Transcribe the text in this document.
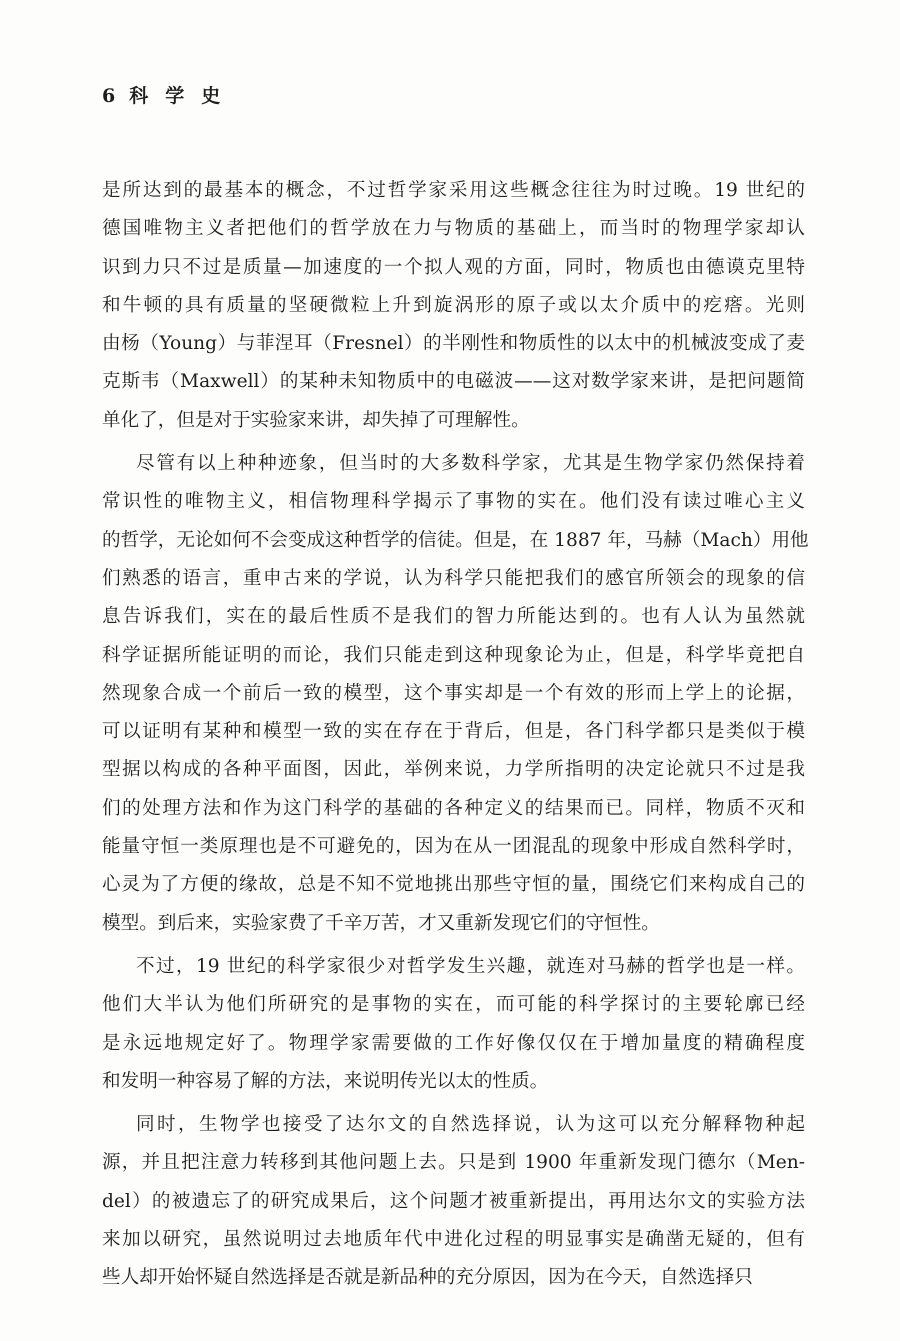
6 科学史
是所达到的最基本的概念，不过哲学家采用这些概念往往为时过晚。19 世纪的
德国唯物主义者把他们的哲学放在力与物质的基础上，而当时的物理学家却认
识到力只不过是质量—加速度的一个拟人观的方面，同时，物质也由德谟克里特
和牛顿的具有质量的坚硬微粒上升到旋涡形的原子或以太介质中的疙瘩。光则
由杨（Young）与菲涅耳（Fresnel）的半刚性和物质性的以太中的机械波变成了麦
克斯韦（Maxwell）的某种未知物质中的电磁波——这对数学家来讲，是把问题简
单化了，但是对于实验家来讲，却失掉了可理解性。
尽管有以上种种迹象，但当时的大多数科学家，尤其是生物学家仍然保持着
常识性的唯物主义，相信物理科学揭示了事物的实在。他们没有读过唯心主义
的哲学，无论如何不会变成这种哲学的信徒。但是，在 1887 年，马赫（Mach）用他
们熟悉的语言，重申古来的学说，认为科学只能把我们的感官所领会的现象的信
息告诉我们，实在的最后性质不是我们的智力所能达到的。也有人认为虽然就
科学证据所能证明的而论，我们只能走到这种现象论为止，但是，科学毕竟把自
然现象合成一个前后一致的模型，这个事实却是一个有效的形而上学上的论据，
可以证明有某种和模型一致的实在存在于背后，但是，各门科学都只是类似于模
型据以构成的各种平面图，因此，举例来说，力学所指明的决定论就只不过是我
们的处理方法和作为这门科学的基础的各种定义的结果而已。同样，物质不灭和
能量守恒一类原理也是不可避免的，因为在从一团混乱的现象中形成自然科学时，
心灵为了方便的缘故，总是不知不觉地挑出那些守恒的量，围绕它们来构成自己的
模型。到后来，实验家费了千辛万苦，才又重新发现它们的守恒性。
不过，19 世纪的科学家很少对哲学发生兴趣，就连对马赫的哲学也是一样。
他们大半认为他们所研究的是事物的实在，而可能的科学探讨的主要轮廓已经
是永远地规定好了。物理学家需要做的工作好像仅仅在于增加量度的精确程度
和发明一种容易了解的方法，来说明传光以太的性质。
同时，生物学也接受了达尔文的自然选择说，认为这可以充分解释物种起
源，并且把注意力转移到其他问题上去。只是到 1900 年重新发现门德尔（Men-
del）的被遗忘了的研究成果后，这个问题才被重新提出，再用达尔文的实验方法
来加以研究，虽然说明过去地质年代中进化过程的明显事实是确凿无疑的，但有
些人却开始怀疑自然选择是否就是新品种的充分原因，因为在今天，自然选择只
